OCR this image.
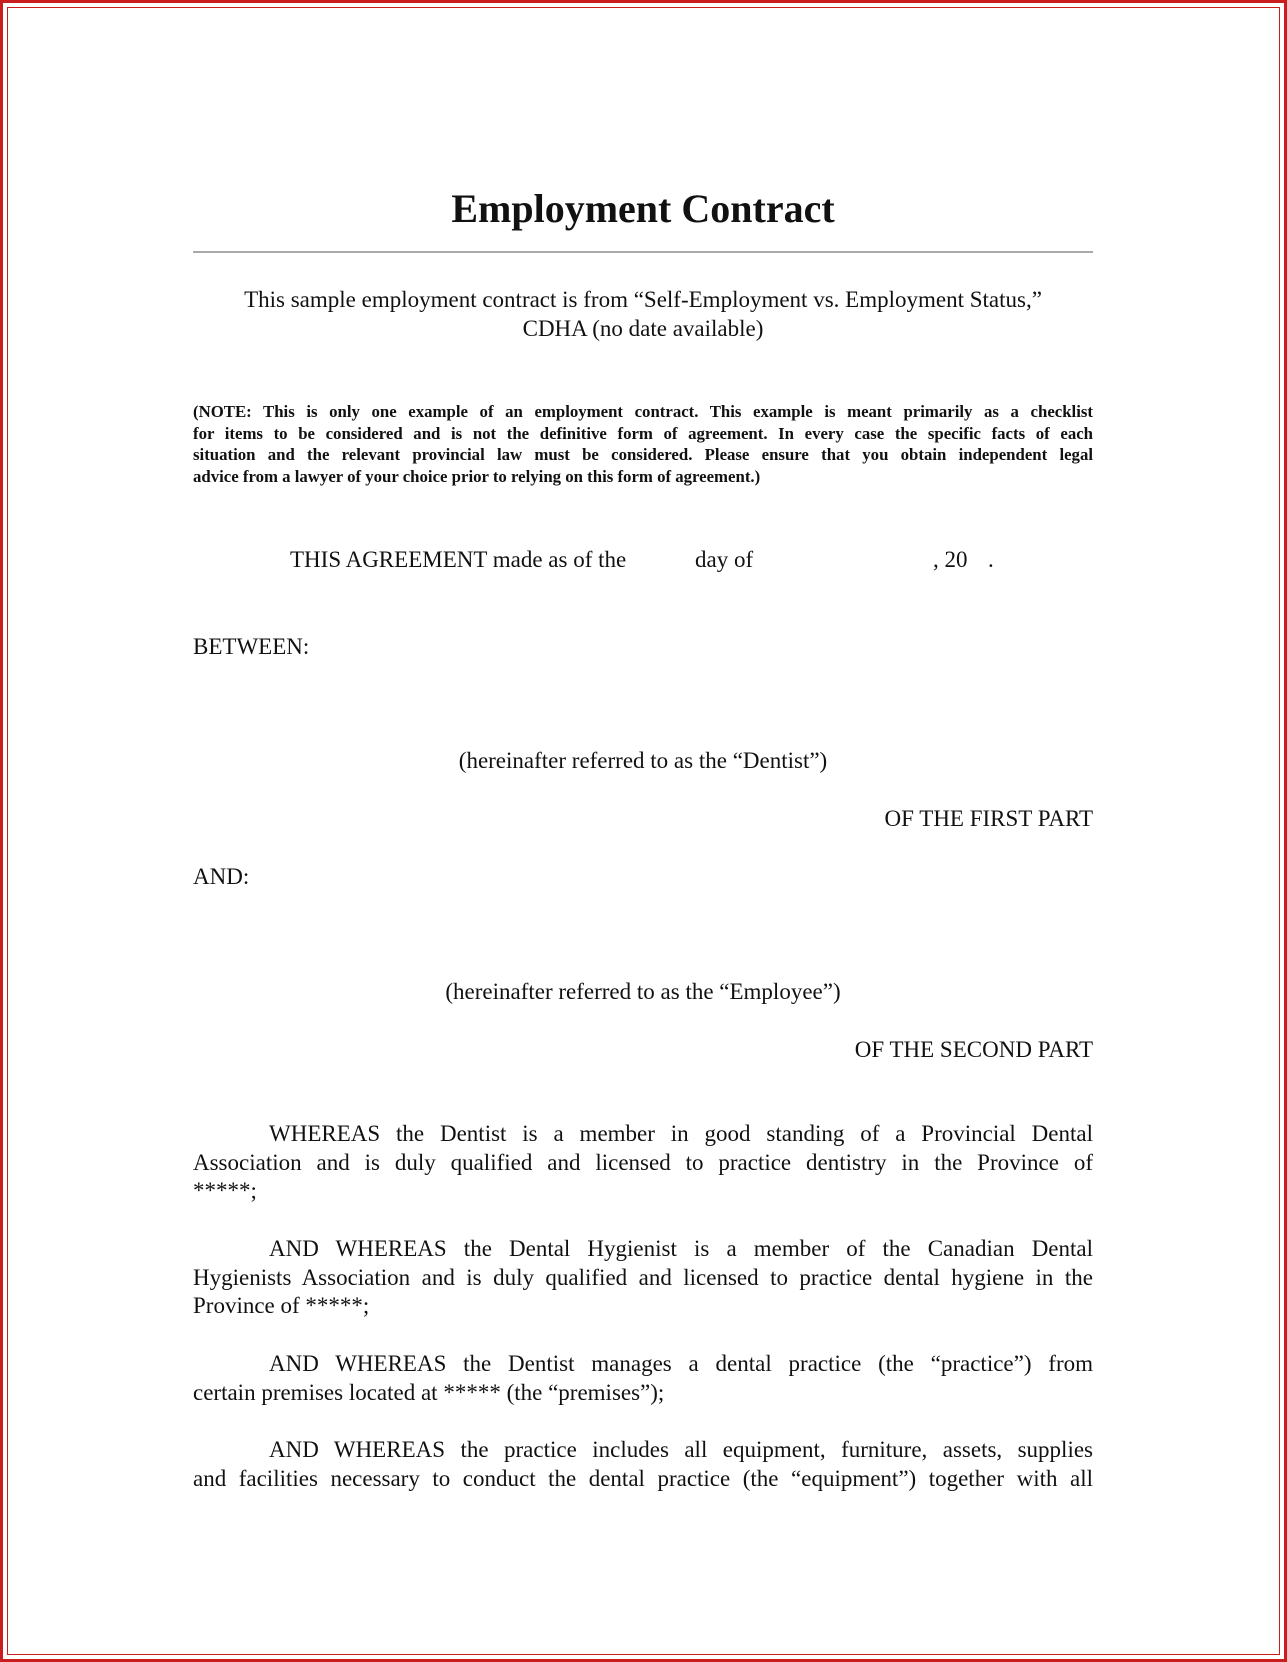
Employment Contract
This sample employment contract is from “Self-Employment vs. Employment Status,”
CDHA (no date available)
(NOTE: This is only one example of an employment contract. This example is meant primarily as a checklist
for items to be considered and is not the definitive form of agreement. In every case the specific facts of each
situation and the relevant provincial law must be considered. Please ensure that you obtain independent legal
advice from a lawyer of your choice prior to relying on this form of agreement.)
THIS AGREEMENT made as of the	day of	, 20 .
BETWEEN:
(hereinafter referred to as the “Dentist”)
OF THE FIRST PART
AND:
(hereinafter referred to as the “Employee”)
OF THE SECOND PART
WHEREAS the Dentist is a member in good standing of a Provincial Dental
Association and is duly qualified and licensed to practice dentistry in the Province of
*****;
AND WHEREAS the Dental Hygienist is a member of the Canadian Dental
Hygienists Association and is duly qualified and licensed to practice dental hygiene in the
Province of *****;
AND WHEREAS the Dentist manages a dental practice (the “practice”) from
certain premises located at ***** (the “premises”);
AND WHEREAS the practice includes all equipment, furniture, assets, supplies
and facilities necessary to conduct the dental practice (the “equipment”) together with all
